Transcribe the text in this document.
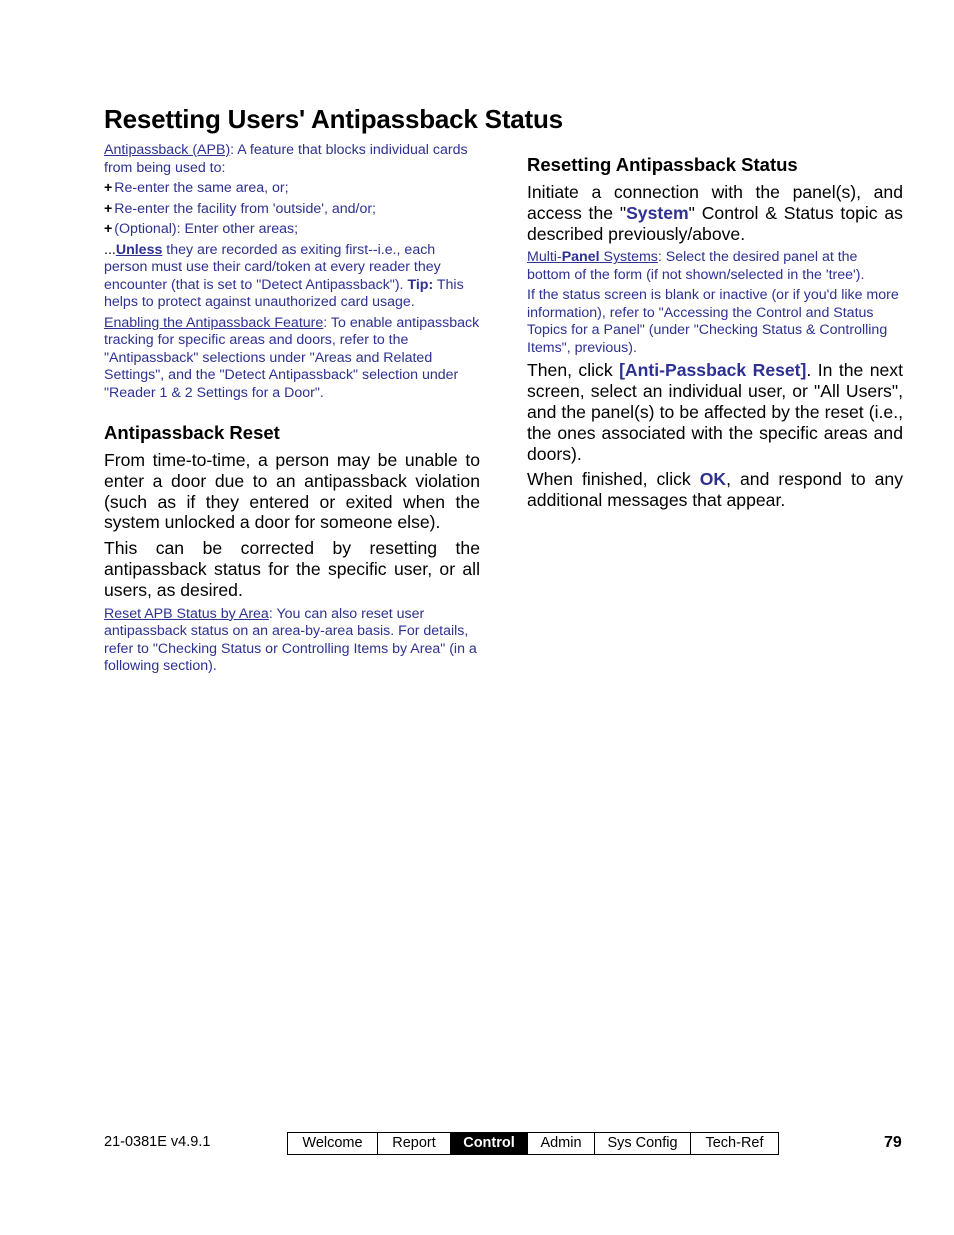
Resetting Users' Antipassback Status

Antipassback (APB): A feature that blocks individual cards from being used to:

+ Re-enter the same area, or;

+ Re-enter the facility from 'outside', and/or;

+ (Optional): Enter other areas;

...Unless they are recorded as exiting first--i.e., each person must use their card/token at every reader they encounter (that is set to "Detect Antipassback"). Tip: This helps to protect against unauthorized card usage.

Enabling the Antipassback Feature: To enable antipassback tracking for specific areas and doors, refer to the "Antipassback" selections under "Areas and Related Settings", and the "Detect Antipassback" selection under "Reader 1 & 2 Settings for a Door".

Antipassback Reset

From time-to-time, a person may be unable to enter a door due to an antipassback violation (such as if they entered or exited when the system unlocked a door for someone else).

This can be corrected by resetting the antipassback status for the specific user, or all users, as desired.

Reset APB Status by Area: You can also reset user antipassback status on an area-by-area basis. For details, refer to "Checking Status or Controlling Items by Area" (in a following section).

Resetting Antipassback Status

Initiate a connection with the panel(s), and access the "System" Control & Status topic as described previously/above.

Multi-Panel Systems: Select the desired panel at the bottom of the form (if not shown/selected in the 'tree').

If the status screen is blank or inactive (or if you'd like more information), refer to "Accessing the Control and Status Topics for a Panel" (under "Checking Status & Controlling Items", previous).

Then, click [Anti-Passback Reset]. In the next screen, select an individual user, or "All Users", and the panel(s) to be affected by the reset (i.e., the ones associated with the specific areas and doors).

When finished, click OK, and respond to any additional messages that appear.

21-0381E v4.9.1	Welcome	Report	Control	Admin	Sys Config	Tech-Ref	79
